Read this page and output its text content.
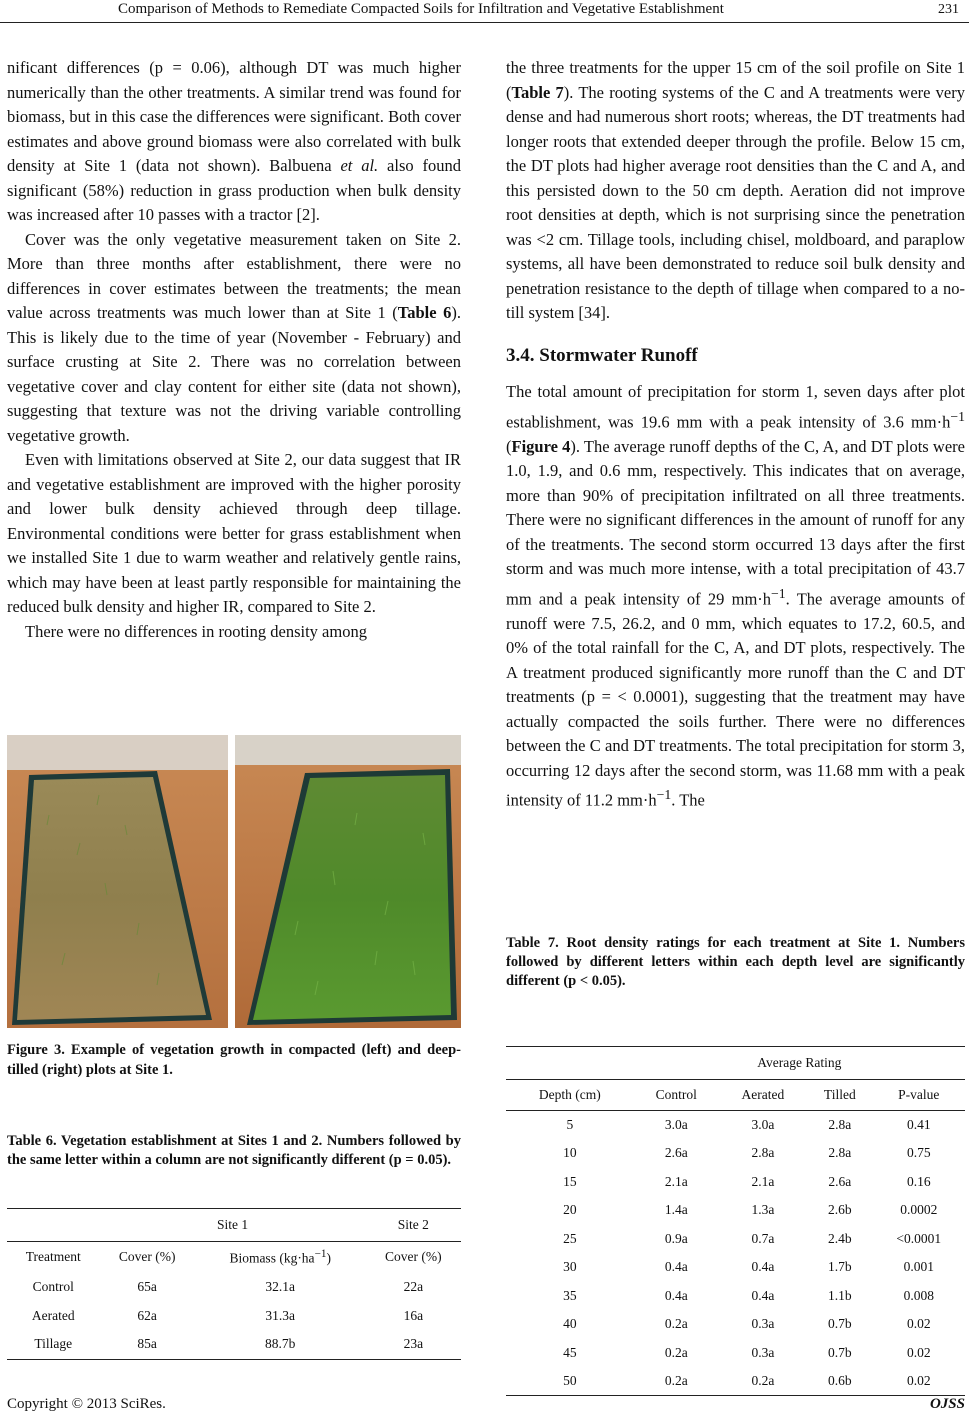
Comparison of Methods to Remediate Compacted Soils for Infiltration and Vegetative Establishment	231

nificant differences (p = 0.06), although DT was much higher numerically than the other treatments. A similar trend was found for biomass, but in this case the differences were significant. Both cover estimates and above ground biomass were also correlated with bulk density at Site 1 (data not shown). Balbuena et al. also found significant (58%) reduction in grass production when bulk density was increased after 10 passes with a tractor [2].

Cover was the only vegetative measurement taken on Site 2. More than three months after establishment, there were no differences in cover estimates between the treatments; the mean value across treatments was much lower than at Site 1 (Table 6). This is likely due to the time of year (November - February) and surface crusting at Site 2. There was no correlation between vegetative cover and clay content for either site (data not shown), suggesting that texture was not the driving variable controlling vegetative growth.

Even with limitations observed at Site 2, our data suggest that IR and vegetative establishment are improved with the higher porosity and lower bulk density achieved through deep tillage. Environmental conditions were better for grass establishment when we installed Site 1 due to warm weather and relatively gentle rains, which may have been at least partly responsible for maintaining the reduced bulk density and higher IR, compared to Site 2.

There were no differences in rooting density among

Figure 3. Example of vegetation growth in compacted (left) and deep-tilled (right) plots at Site 1.
Table 6. Vegetation establishment at Sites 1 and 2. Numbers followed by the same letter within a column are not significantly different (p = 0.05).
	Site 1		Site 2
Treatment	Cover (%)	Biomass $(kg\cdot ha^{-1})$	Cover (%)
Control	65a	32.1a	22a
Aerated	62a	31.3a	16a
Tillage	85a	88.7b	23a

the three treatments for the upper 15 cm of the soil profile on Site 1 (Table 7). The rooting systems of the C and A treatments were very dense and had numerous short roots; whereas, the DT treatments had longer roots that extended deeper through the profile. Below 15 cm, the DT plots had higher average root densities than the C and A, and this persisted down to the 50 cm depth. Aeration did not improve root densities at depth, which is not surprising since the penetration was <2 cm. Tillage tools, including chisel, moldboard, and paraplow systems, all have been demonstrated to reduce soil bulk density and penetration resistance to the depth of tillage when compared to a no-till system [34].

3.4. Stormwater Runoff

The total amount of precipitation for storm 1, seven days after plot establishment, was 19.6 mm with a peak intensity of 3.6 $mm\cdot h^{-1}$ (Figure 4). The average runoff depths of the C, A, and DT plots were 1.0, 1.9, and 0.6 mm, respectively. This indicates that on average, more than 90% of precipitation infiltrated on all three treatments. There were no significant differences in the amount of runoff for any of the treatments. The second storm occurred 13 days after the first storm and was much more intense, with a total precipitation of 43.7 mm and a peak intensity of 29 $mm\cdot h^{-1}$. The average amounts of runoff were 7.5, 26.2, and 0 mm, which equates to 17.2, 60.5, and 0% of the total rainfall for the C, A, and DT plots, respectively. The A treatment produced significantly more runoff than the C and DT treatments (p = < 0.0001), suggesting that the treatment may have actually compacted the soils further. There were no differences between the C and DT treatments. The total precipitation for storm 3, occurring 12 days after the second storm, was 11.68 mm with a peak intensity of 11.2 $mm\cdot h^{-1}$. The

Table 7. Root density ratings for each treatment at Site 1. Numbers followed by different letters within each depth level are significantly different (p < 0.05).
	Average Rating			
Depth (cm)	Control	Aerated	Tilled	P-value
5	3.0a	3.0a	2.8a	0.41
10	2.6a	2.8a	2.8a	0.75
15	2.1a	2.1a	2.6a	0.16
20	1.4a	1.3a	2.6b	0.0002
25	0.9a	0.7a	2.4b	<0.0001
30	0.4a	0.4a	1.7b	0.001
35	0.4a	0.4a	1.1b	0.008
40	0.2a	0.3a	0.7b	0.02
45	0.2a	0.3a	0.7b	0.02
50	0.2a	0.2a	0.6b	0.02
Copyright © 2013 SciRes.	OJSS
